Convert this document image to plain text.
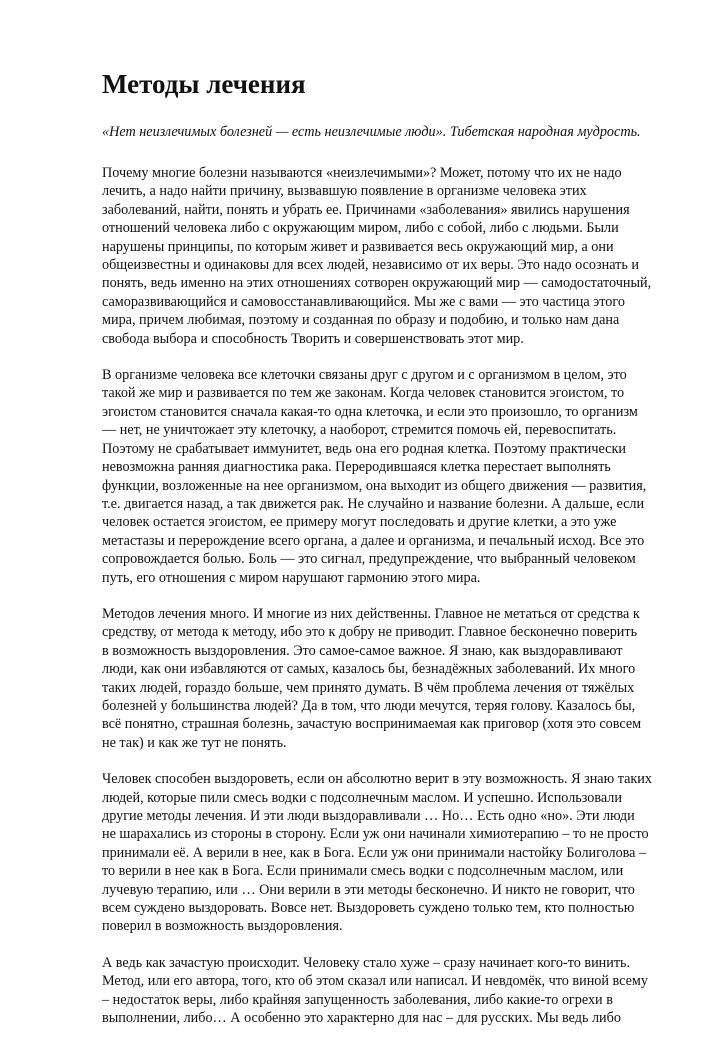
Методы лечения

«Нет неизлечимых болезней — есть неизлечимые люди». Тибетская народная мудрость.

Почему многие болезни называются «неизлечимыми»? Может, потому что их не надо
лечить, а надо найти причину, вызвавшую появление в организме человека этих
заболеваний, найти, понять и убрать ее. Причинами «заболевания» явились нарушения
отношений человека либо с окружающим миром, либо с собой, либо с людьми. Были
нарушены принципы, по которым живет и развивается весь окружающий мир, а они
общеизвестны и одинаковы для всех людей, независимо от их веры. Это надо осознать и
понять, ведь именно на этих отношениях сотворен окружающий мир — самодостаточный,
саморазвивающийся и самовосстанавливающийся. Мы же с вами — это частица этого
мира, причем любимая, поэтому и созданная по образу и подобию, и только нам дана
свобода выбора и способность Творить и совершенствовать этот мир.

В организме человека все клеточки связаны друг с другом и с организмом в целом, это
такой же мир и развивается по тем же законам. Когда человек становится эгоистом, то
эгоистом становится сначала какая-то одна клеточка, и если это произошло, то организм
— нет, не уничтожает эту клеточку, а наоборот, стремится помочь ей, перевоспитать.
Поэтому не срабатывает иммунитет, ведь она его родная клетка. Поэтому практически
невозможна ранняя диагностика рака. Переродившаяся клетка перестает выполнять
функции, возложенные на нее организмом, она выходит из общего движения — развития,
т.е. двигается назад, а так движется рак. Не случайно и название болезни. А дальше, если
человек остается эгоистом, ее примеру могут последовать и другие клетки, а это уже
метастазы и перерождение всего органа, а далее и организма, и печальный исход. Все это
сопровождается болью. Боль — это сигнал, предупреждение, что выбранный человеком
путь, его отношения с миром нарушают гармонию этого мира.

Методов лечения много. И многие из них действенны. Главное не метаться от средства к
средству, от метода к методу, ибо это к добру не приводит. Главное бесконечно поверить
в возможность выздоровления. Это самое-самое важное. Я знаю, как выздоравливают
люди, как они избавляются от самых, казалось бы, безнадёжных заболеваний. Их много
таких людей, гораздо больше, чем принято думать. В чём проблема лечения от тяжёлых
болезней у большинства людей? Да в том, что люди мечутся, теряя голову. Казалось бы,
всё понятно, страшная болезнь, зачастую воспринимаемая как приговор (хотя это совсем
не так) и как же тут не понять.

Человек способен выздороветь, если он абсолютно верит в эту возможность. Я знаю таких
людей, которые пили смесь водки с подсолнечным маслом. И успешно. Использовали
другие методы лечения. И эти люди выздоравливали … Но… Есть одно «но». Эти люди
не шарахались из стороны в сторону. Если уж они начинали химиотерапию – то не просто
принимали её. А верили в нее, как в Бога. Если уж они принимали настойку Болиголова –
то верили в нее как в Бога. Если принимали смесь водки с подсолнечным маслом, или
лучевую терапию, или … Они верили в эти методы бесконечно. И никто не говорит, что
всем суждено выздоровать. Вовсе нет. Выздороветь суждено только тем, кто полностью
поверил в возможность выздоровления.

А ведь как зачастую происходит. Человеку стало хуже – сразу начинает кого-то винить.
Метод, или его автора, того, кто об этом сказал или написал. И невдомёк, что виной всему
– недостаток веры, либо крайняя запущенность заболевания, либо какие-то огрехи в
выполнении, либо… А особенно это характерно для нас – для русских. Мы ведь либо
